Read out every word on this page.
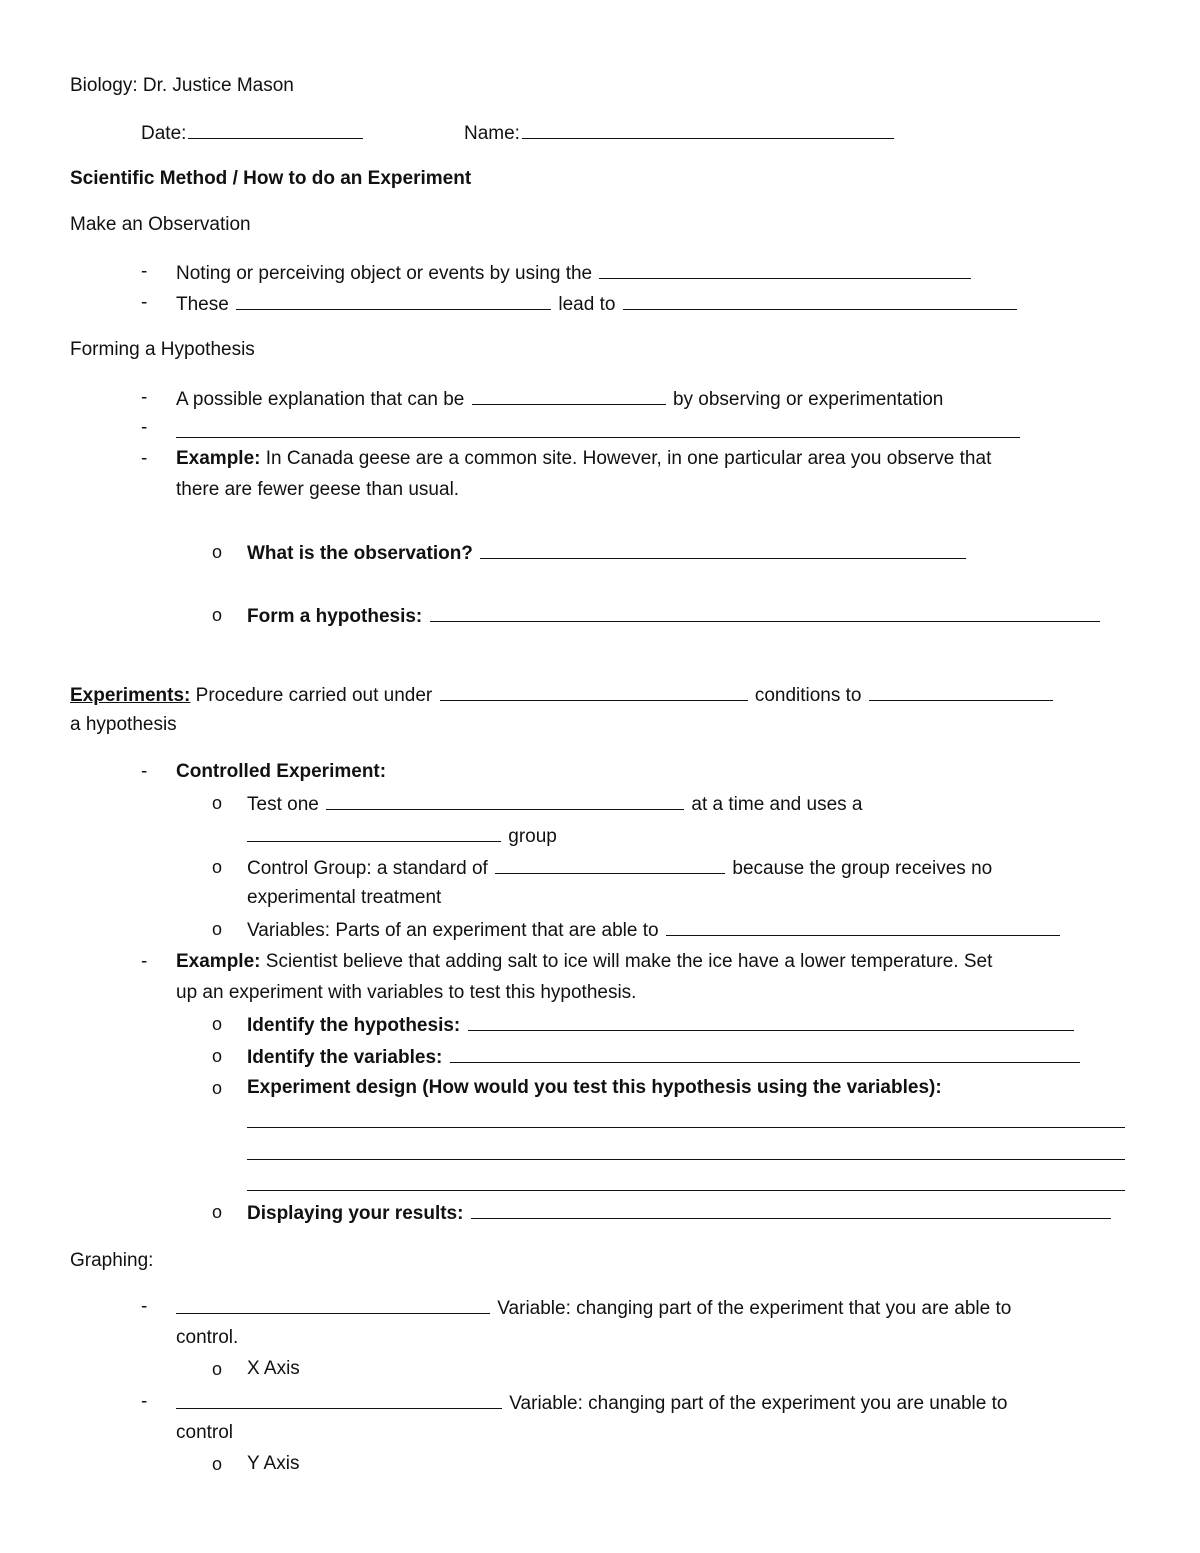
Biology: Dr. Justice Mason
Date:	Name:
Scientific Method / How to do an Experiment
Make an Observation
- Noting or perceiving object or events by using the
- These	lead to
Forming a Hypothesis
- A possible explanation that can be	by observing or experimentation
-
- Example: In Canada geese are a common site. However, in one particular area you observe that
there are fewer geese than usual.
o What is the observation?
o Form a hypothesis:
Experiments: Procedure carried out under	conditions to
a hypothesis
- Controlled Experiment:
o Test one	at a time and uses a
group
o Control Group: a standard of	because the group receives no
experimental treatment
o Variables: Parts of an experiment that are able to
- Example: Scientist believe that adding salt to ice will make the ice have a lower temperature. Set
up an experiment with variables to test this hypothesis.
o Identify the hypothesis:
o Identify the variables:
o Experiment design (How would you test this hypothesis using the variables):
o Displaying your results:
Graphing:
-	Variable: changing part of the experiment that you are able to
control.
o X Axis
-	Variable: changing part of the experiment you are unable to
control
o Y Axis
